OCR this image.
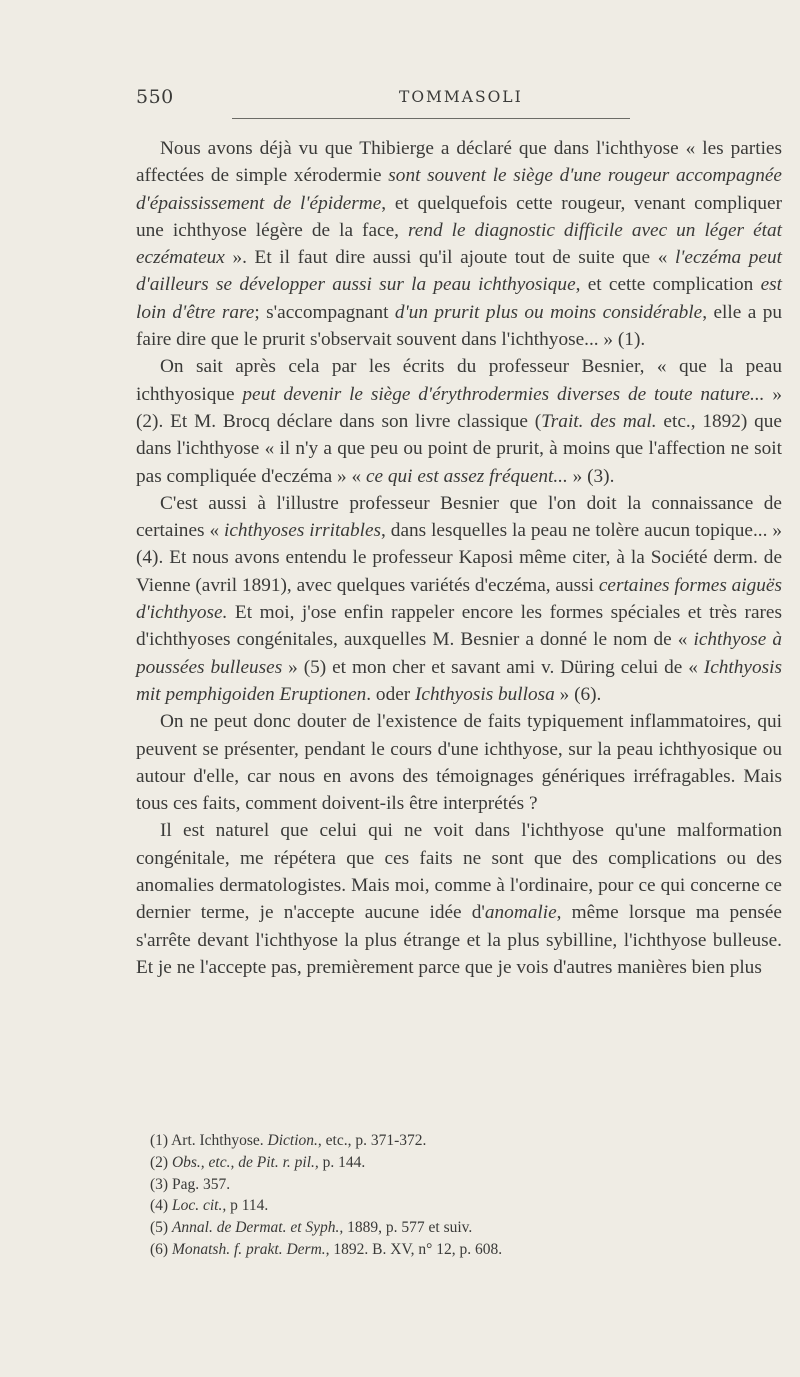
550	TOMMASOLI

Nous avons déjà vu que Thibierge a déclaré que dans l'ichthyose « les parties affectées de simple xérodermie sont souvent le siège d'une rougeur accompagnée d'épaississement de l'épiderme, et quelquefois cette rougeur, venant compliquer une ichthyose légère de la face, rend le diagnostic difficile avec un léger état eczémateux ». Et il faut dire aussi qu'il ajoute tout de suite que « l'eczéma peut d'ailleurs se développer aussi sur la peau ichthyosique, et cette complication est loin d'être rare; s'accompagnant d'un prurit plus ou moins considérable, elle a pu faire dire que le prurit s'observait souvent dans l'ichthyose... » (1).

On sait après cela par les écrits du professeur Besnier, « que la peau ichthyosique peut devenir le siège d'érythrodermies diverses de toute nature... » (2). Et M. Brocq déclare dans son livre classique (Trait. des mal. etc., 1892) que dans l'ichthyose « il n'y a que peu ou point de prurit, à moins que l'affection ne soit pas compliquée d'eczéma » « ce qui est assez fréquent... » (3).

C'est aussi à l'illustre professeur Besnier que l'on doit la connaissance de certaines « ichthyoses irritables, dans lesquelles la peau ne tolère aucun topique... » (4). Et nous avons entendu le professeur Kaposi même citer, à la Société derm. de Vienne (avril 1891), avec quelques variétés d'eczéma, aussi certaines formes aiguës d'ichthyose. Et moi, j'ose enfin rappeler encore les formes spéciales et très rares d'ichthyoses congénitales, auxquelles M. Besnier a donné le nom de « ichthyose à poussées bulleuses » (5) et mon cher et savant ami v. Düring celui de « Ichthyosis mit pemphigoiden Eruptionen. oder Ichthyosis bullosa » (6).

On ne peut donc douter de l'existence de faits typiquement inflammatoires, qui peuvent se présenter, pendant le cours d'une ichthyose, sur la peau ichthyosique ou autour d'elle, car nous en avons des témoignages génériques irréfragables. Mais tous ces faits, comment doivent-ils être interprétés ?

Il est naturel que celui qui ne voit dans l'ichthyose qu'une malformation congénitale, me répétera que ces faits ne sont que des complications ou des anomalies dermatologistes. Mais moi, comme à l'ordinaire, pour ce qui concerne ce dernier terme, je n'accepte aucune idée d'anomalie, même lorsque ma pensée s'arrête devant l'ichthyose la plus étrange et la plus sybilline, l'ichthyose bulleuse. Et je ne l'accepte pas, premièrement parce que je vois d'autres manières bien plus

(1) Art. Ichthyose. Diction., etc., p. 371-372.
(2) Obs., etc., de Pit. r. pil., p. 144.
(3) Pag. 357.
(4) Loc. cit., p 114.
(5) Annal. de Dermat. et Syph., 1889, p. 577 et suiv.
(6) Monatsh. f. prakt. Derm., 1892. B. XV, n° 12, p. 608.
